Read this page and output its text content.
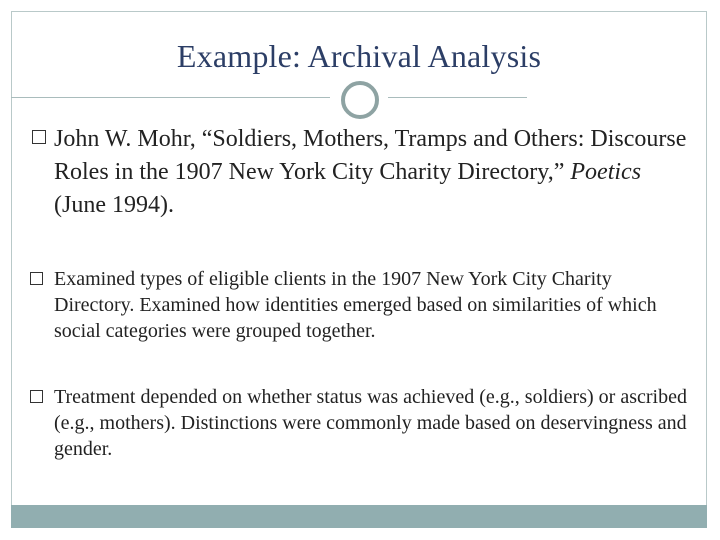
Example: Archival Analysis

John W. Mohr, “Soldiers, Mothers, Tramps and Others: Discourse Roles in the 1907 New York City Charity Directory,” Poetics (June 1994).

Examined types of eligible clients in the 1907 New York City Charity Directory. Examined how identities emerged based on similarities of which social categories were grouped together.

Treatment depended on whether status was achieved (e.g., soldiers) or ascribed (e.g., mothers). Distinctions were commonly made based on deservingness and gender.
